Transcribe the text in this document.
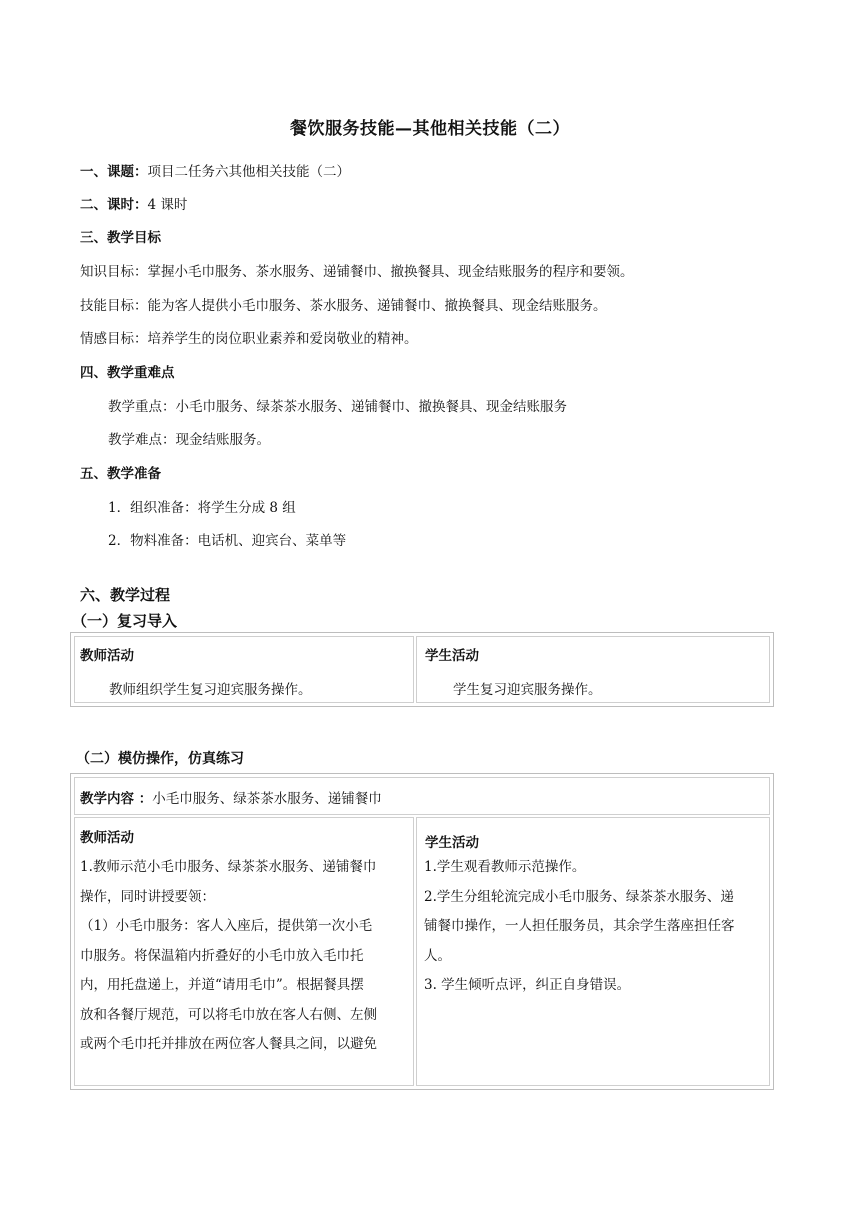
餐饮服务技能—其他相关技能（二）
一、课题：项目二任务六其他相关技能（二）
二、课时：4 课时
三、教学目标
知识目标：掌握小毛巾服务、茶水服务、递铺餐巾、撤换餐具、现金结账服务的程序和要领。
技能目标：能为客人提供小毛巾服务、茶水服务、递铺餐巾、撤换餐具、现金结账服务。
情感目标：培养学生的岗位职业素养和爱岗敬业的精神。
四、教学重难点
教学重点：小毛巾服务、绿茶茶水服务、递铺餐巾、撤换餐具、现金结账服务
教学难点：现金结账服务。
五、教学准备
1．组织准备：将学生分成 8 组
2．物料准备：电话机、迎宾台、菜单等
六、教学过程
（一）复习导入
教师活动
教师组织学生复习迎宾服务操作。
学生活动
学生复习迎宾服务操作。
（二）模仿操作，仿真练习
教学内容 ：小毛巾服务、绿茶茶水服务、递铺餐巾
教师活动
1.教师示范小毛巾服务、绿茶茶水服务、递铺餐巾
操作，同时讲授要领：
（1）小毛巾服务：客人入座后，提供第一次小毛
巾服务。将保温箱内折叠好的小毛巾放入毛巾托
内，用托盘递上，并道“请用毛巾”。根据餐具摆
放和各餐厅规范，可以将毛巾放在客人右侧、左侧
或两个毛巾托并排放在两位客人餐具之间，以避免
学生活动
1.学生观看教师示范操作。
2.学生分组轮流完成小毛巾服务、绿茶茶水服务、递
铺餐巾操作，一人担任服务员，其余学生落座担任客
人。
3. 学生倾听点评，纠正自身错误。
